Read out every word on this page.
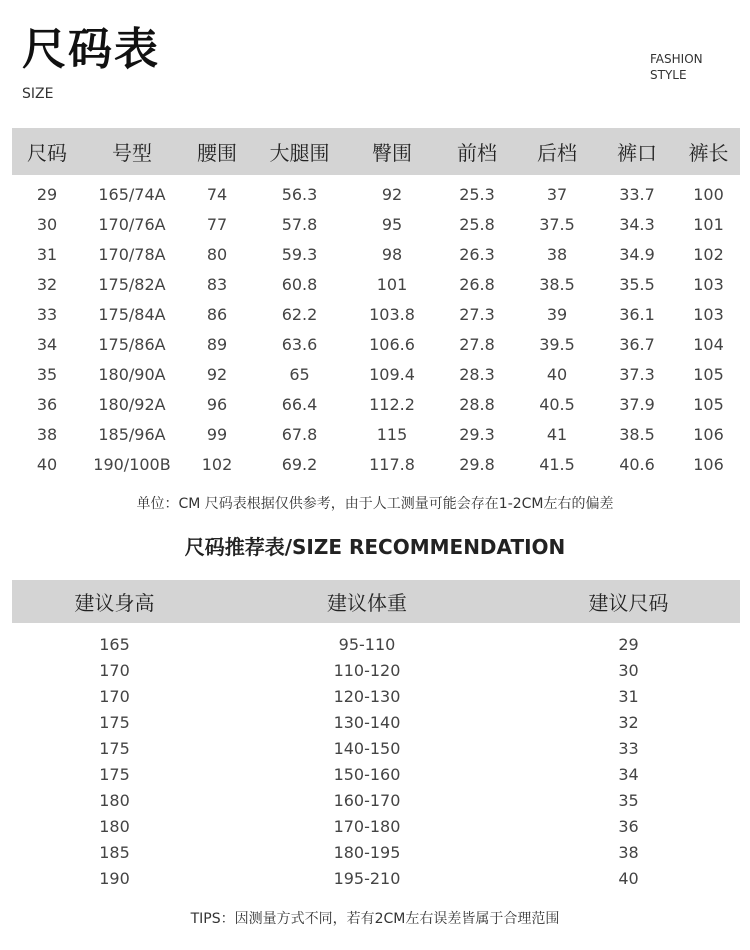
尺码表
SIZE
FASHION
STYLE
尺码	号型	腰围	大腿围	臀围	前档	后档	裤口	裤长
29	165/74A	74	56.3	92	25.3	37	33.7	100
30	170/76A	77	57.8	95	25.8	37.5	34.3	101
31	170/78A	80	59.3	98	26.3	38	34.9	102
32	175/82A	83	60.8	101	26.8	38.5	35.5	103
33	175/84A	86	62.2	103.8	27.3	39	36.1	103
34	175/86A	89	63.6	106.6	27.8	39.5	36.7	104
35	180/90A	92	65	109.4	28.3	40	37.3	105
36	180/92A	96	66.4	112.2	28.8	40.5	37.9	105
38	185/96A	99	67.8	115	29.3	41	38.5	106
40	190/100B	102	69.2	117.8	29.8	41.5	40.6	106
单位：CM 尺码表根据仅供参考，由于人工测量可能会存在1-2CM左右的偏差
尺码推荐表/SIZE RECOMMENDATION
建议身高	建议体重	建议尺码
165	95-110	29
170	110-120	30
170	120-130	31
175	130-140	32
175	140-150	33
175	150-160	34
180	160-170	35
180	170-180	36
185	180-195	38
190	195-210	40
TIPS：因测量方式不同，若有2CM左右误差皆属于合理范围
